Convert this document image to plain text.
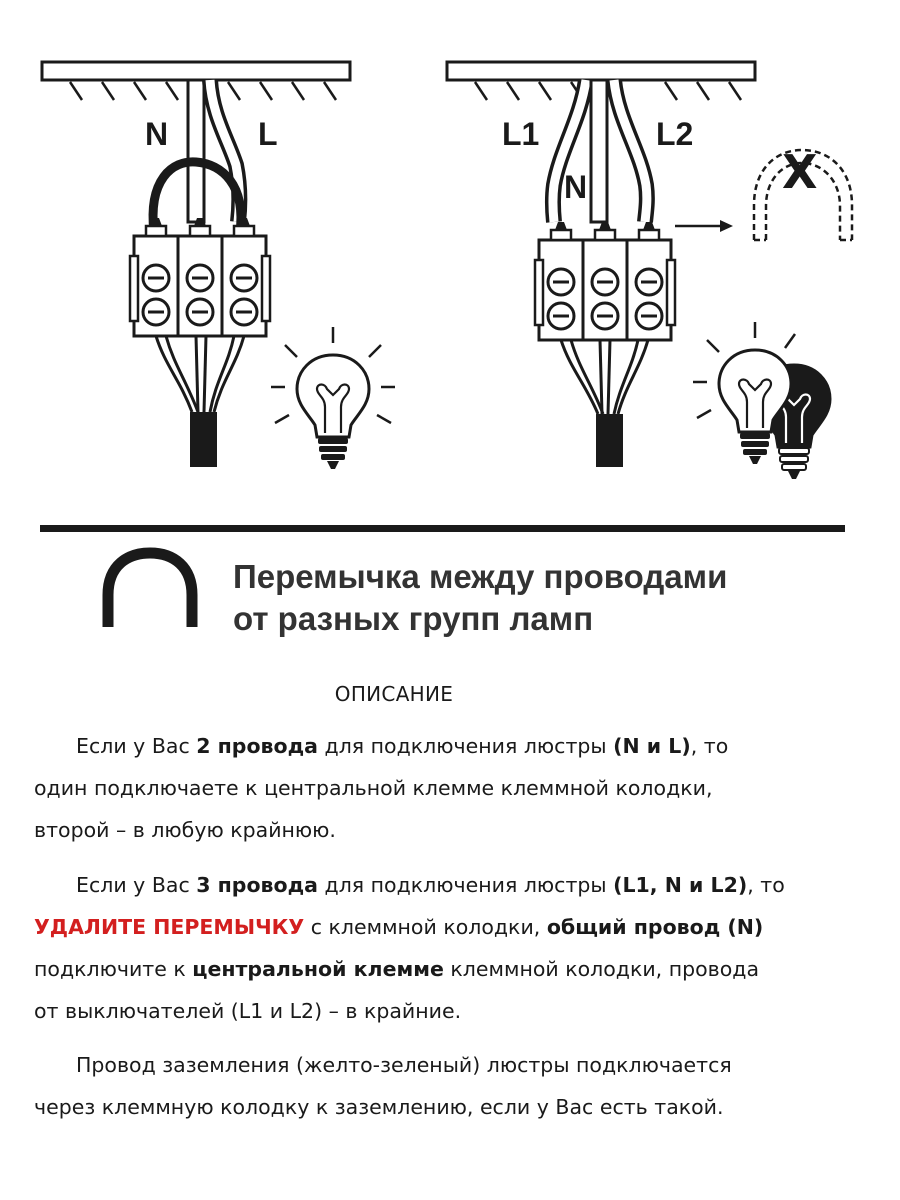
N	L
X
L1
N
L2
Перемычка между проводами
от разных групп ламп
ОПИСАНИЕ
Если у Вас 2 провода для подключения люстры (N и L), то
один подключаете к центральной клемме клеммной колодки,
второй – в любую крайнюю.
Если у Вас 3 провода для подключения люстры (L1, N и L2), то
УДАЛИТЕ ПЕРЕМЫЧКУ с клеммной колодки, общий провод (N)
подключите к центральной клемме клеммной колодки, провода
от выключателей (L1 и L2) – в крайние.
Провод заземления (желто-зеленый) люстры подключается
через клеммную колодку к заземлению, если у Вас есть такой.
